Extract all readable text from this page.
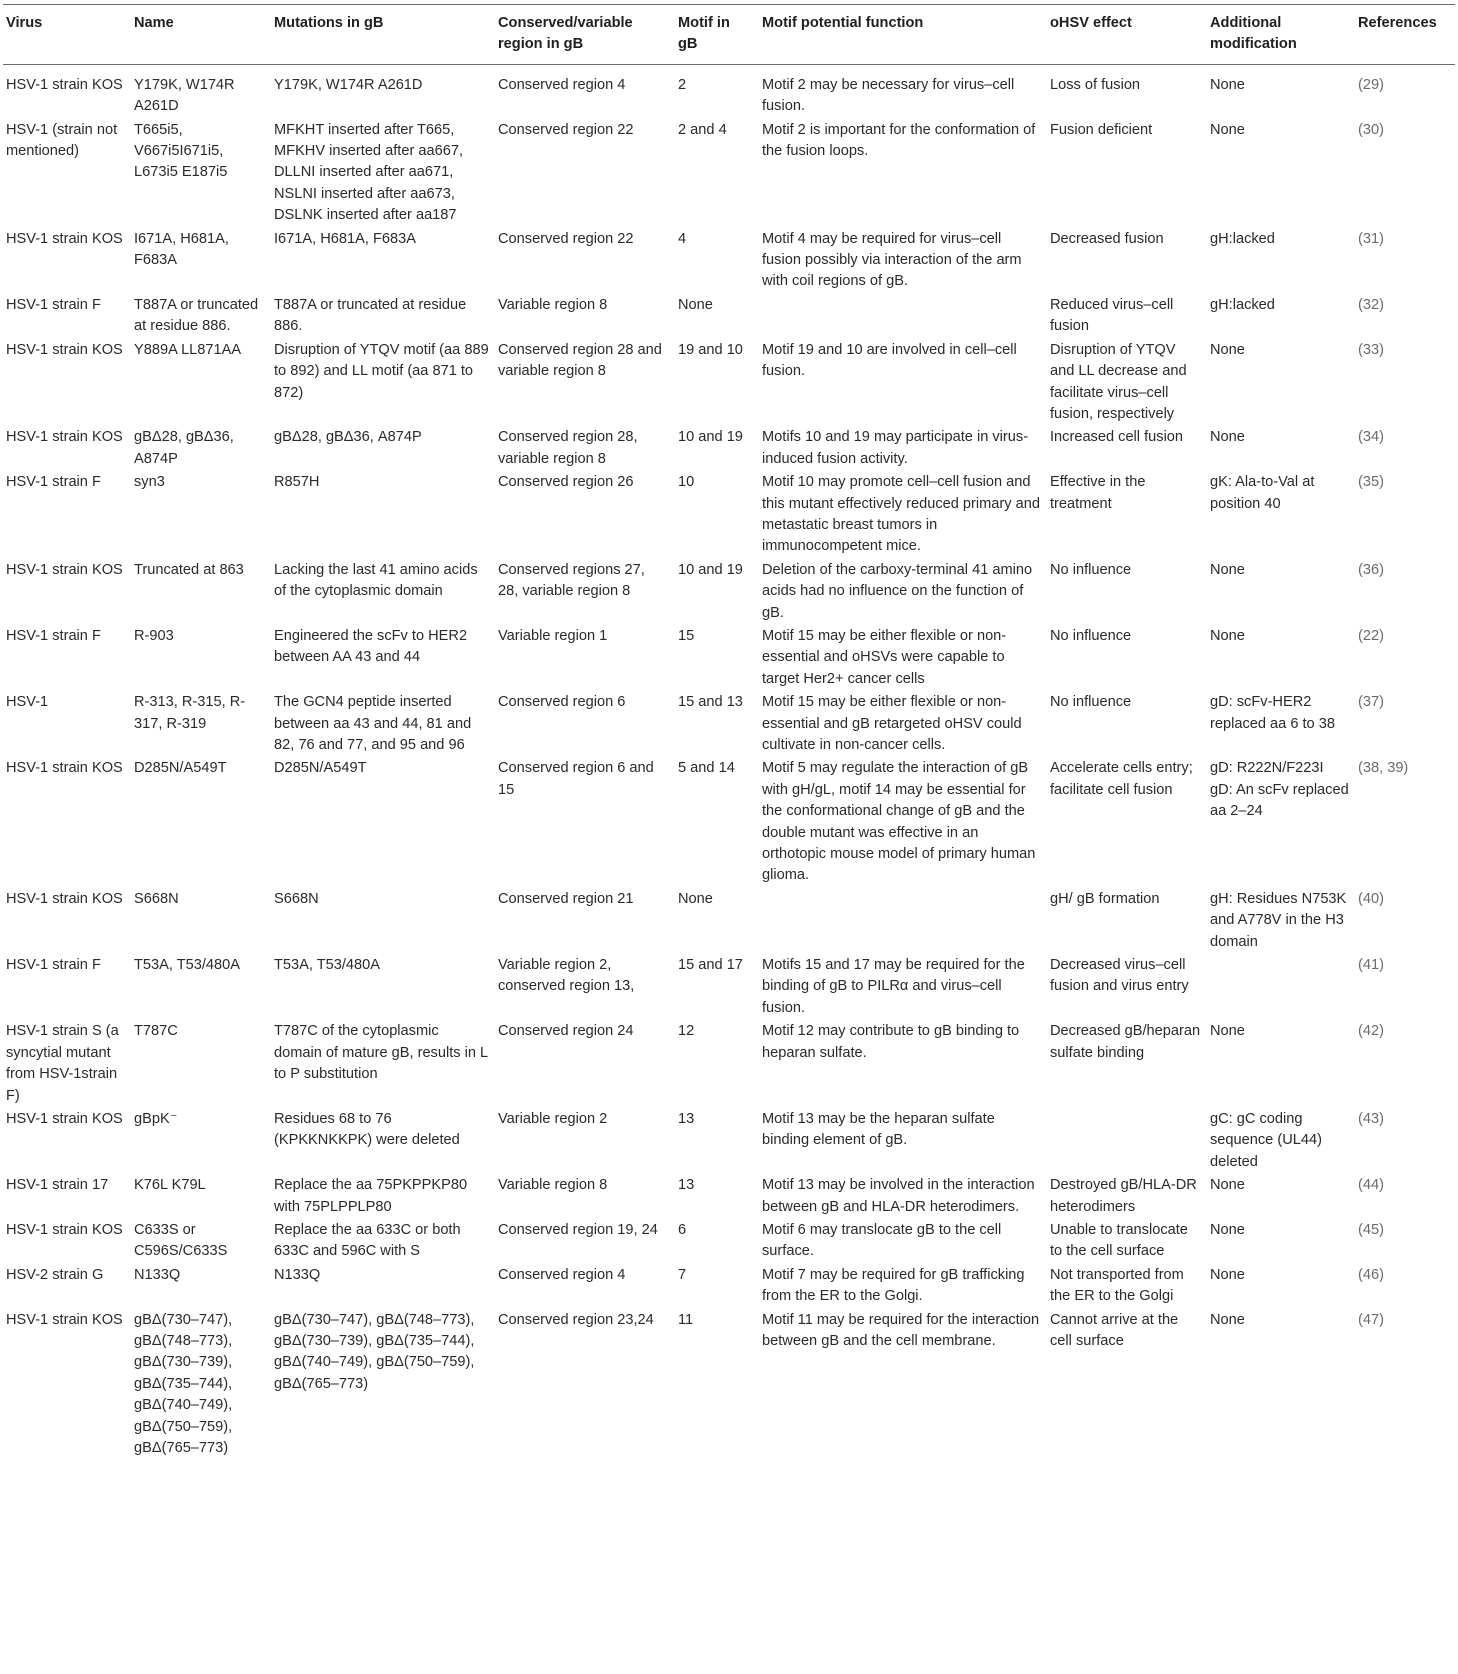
Virus	Name	Mutations in gB	Conserved/variable region in gB	Motif in gB	Motif potential function	oHSV effect	Additional modification	References
HSV-1 strain KOS	Y179K, W174R A261D	Y179K, W174R A261D	Conserved region 4	2	Motif 2 may be necessary for virus–cell fusion.	Loss of fusion	None	(29)
HSV-1 (strain not mentioned)	T665i5, V667i5I671i5, L673i5 E187i5	MFKHT inserted after T665, MFKHV inserted after aa667, DLLNI inserted after aa671, NSLNI inserted after aa673, DSLNK inserted after aa187	Conserved region 22	2 and 4	Motif 2 is important for the conformation of the fusion loops.	Fusion deficient	None	(30)
HSV-1 strain KOS	I671A, H681A, F683A	I671A, H681A, F683A	Conserved region 22	4	Motif 4 may be required for virus–cell fusion possibly via interaction of the arm with coil regions of gB.	Decreased fusion	gH:lacked	(31)
HSV-1 strain F	T887A or truncated at residue 886.	T887A or truncated at residue 886.	Variable region 8	None		Reduced virus–cell fusion	gH:lacked	(32)
HSV-1 strain KOS	Y889A LL871AA	Disruption of YTQV motif (aa 889 to 892) and LL motif (aa 871 to 872)	Conserved region 28 and variable region 8	19 and 10	Motif 19 and 10 are involved in cell–cell fusion.	Disruption of YTQV and LL decrease and facilitate virus–cell fusion, respectively	None	(33)
HSV-1 strain KOS	gBΔ28, gBΔ36, A874P	gBΔ28, gBΔ36, A874P	Conserved region 28, variable region 8	10 and 19	Motifs 10 and 19 may participate in virus-induced fusion activity.	Increased cell fusion	None	(34)
HSV-1 strain F	syn3	R857H	Conserved region 26	10	Motif 10 may promote cell–cell fusion and this mutant effectively reduced primary and metastatic breast tumors in immunocompetent mice.	Effective in the treatment	gK: Ala-to-Val at position 40	(35)
HSV-1 strain KOS	Truncated at 863	Lacking the last 41 amino acids of the cytoplasmic domain	Conserved regions 27, 28, variable region 8	10 and 19	Deletion of the carboxy-terminal 41 amino acids had no influence on the function of gB.	No influence	None	(36)
HSV-1 strain F	R-903	Engineered the scFv to HER2 between AA 43 and 44	Variable region 1	15	Motif 15 may be either flexible or non-essential and oHSVs were capable to target Her2+ cancer cells	No influence	None	(22)
HSV-1	R-313, R-315, R-317, R-319	The GCN4 peptide inserted between aa 43 and 44, 81 and 82, 76 and 77, and 95 and 96	Conserved region 6	15 and 13	Motif 15 may be either flexible or non-essential and gB retargeted oHSV could cultivate in non-cancer cells.	No influence	gD: scFv-HER2 replaced aa 6 to 38	(37)
HSV-1 strain KOS	D285N/A549T	D285N/A549T	Conserved region 6 and 15	5 and 14	Motif 5 may regulate the interaction of gB with gH/gL, motif 14 may be essential for the conformational change of gB and the double mutant was effective in an orthotopic mouse model of primary human glioma.	Accelerate cells entry; facilitate cell fusion	gD: R222N/F223I gD: An scFv replaced aa 2–24	(38, 39)
HSV-1 strain KOS	S668N	S668N	Conserved region 21	None		gH/ gB formation	gH: Residues N753K and A778V in the H3 domain	(40)
HSV-1 strain F	T53A, T53/480A	T53A, T53/480A	Variable region 2, conserved region 13,	15 and 17	Motifs 15 and 17 may be required for the binding of gB to PILRα and virus–cell fusion.	Decreased virus–cell fusion and virus entry		(41)
HSV-1 strain S (a syncytial mutant from HSV-1strain F)	T787C	T787C of the cytoplasmic domain of mature gB, results in L to P substitution	Conserved region 24	12	Motif 12 may contribute to gB binding to heparan sulfate.	Decreased gB/heparan sulfate binding	None	(42)
HSV-1 strain KOS	gBpK⁻	Residues 68 to 76 (KPKKNKKPK) were deleted	Variable region 2	13	Motif 13 may be the heparan sulfate binding element of gB.		gC: gC coding sequence (UL44) deleted	(43)
HSV-1 strain 17	K76L K79L	Replace the aa 75PKPPKP80 with 75PLPPLP80	Variable region 8	13	Motif 13 may be involved in the interaction between gB and HLA-DR heterodimers.	Destroyed gB/HLA-DR heterodimers	None	(44)
HSV-1 strain KOS	C633S or C596S/C633S	Replace the aa 633C or both 633C and 596C with S	Conserved region 19, 24	6	Motif 6 may translocate gB to the cell surface.	Unable to translocate to the cell surface	None	(45)
HSV-2 strain G	N133Q	N133Q	Conserved region 4	7	Motif 7 may be required for gB trafficking from the ER to the Golgi.	Not transported from the ER to the Golgi	None	(46)
HSV-1 strain KOS	gBΔ(730–747), gBΔ(748–773), gBΔ(730–739), gBΔ(735–744), gBΔ(740–749), gBΔ(750–759), gBΔ(765–773)	gBΔ(730–747), gBΔ(748–773), gBΔ(730–739), gBΔ(735–744), gBΔ(740–749), gBΔ(750–759), gBΔ(765–773)	Conserved region 23,24	11	Motif 11 may be required for the interaction between gB and the cell membrane.	Cannot arrive at the cell surface	None	(47)
